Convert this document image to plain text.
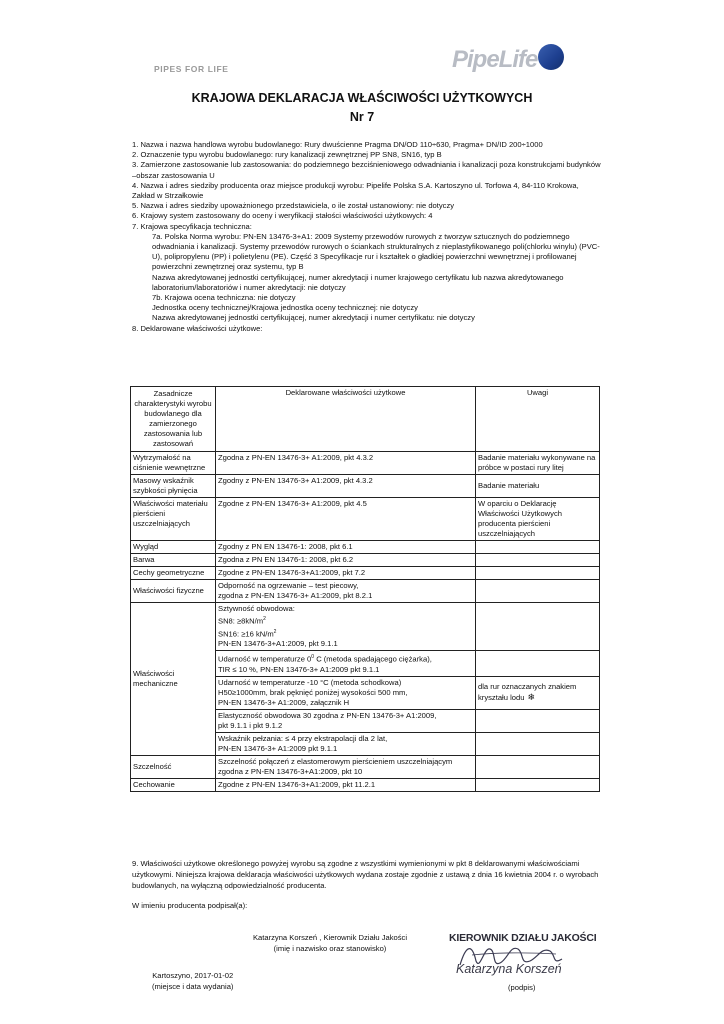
PIPES FOR LIFE	PipeLife
KRAJOWA DEKLARACJA WŁAŚCIWOŚCI UŻYTKOWYCH
Nr 7

1. Nazwa i nazwa handlowa wyrobu budowlanego: Rury dwuścienne Pragma DN/OD 110÷630, Pragma+ DN/ID 200÷1000

2. Oznaczenie typu wyrobu budowlanego: rury kanalizacji zewnętrznej PP SN8, SN16, typ B

3. Zamierzone zastosowanie lub zastosowania: do podziemnego bezciśnieniowego odwadniania i kanalizacji poza konstrukcjami budynków –obszar zastosowania U

4. Nazwa i adres siedziby producenta oraz miejsce produkcji wyrobu: Pipelife Polska S.A. Kartoszyno ul. Torfowa 4, 84-110 Krokowa, Zakład w Strzałkowie

5. Nazwa i adres siedziby upoważnionego przedstawiciela, o ile został ustanowiony: nie dotyczy

6. Krajowy system zastosowany do oceny i weryfikacji stałości właściwości użytkowych: 4

7. Krajowa specyfikacja techniczna:

7a. Polska Norma wyrobu: PN-EN 13476-3+A1: 2009 Systemy przewodów rurowych z tworzyw sztucznych do podziemnego odwadniania i kanalizacji. Systemy przewodów rurowych o ściankach strukturalnych z nieplastyfikowanego poli(chlorku winylu) (PVC-U), polipropylenu (PP) i polietylenu (PE). Część 3 Specyfikacje rur i kształtek o gładkiej powierzchni wewnętrznej i profilowanej powierzchni zewnętrznej oraz systemu, typ B

Nazwa akredytowanej jednostki certyfikującej, numer akredytacji i numer krajowego certyfikatu lub nazwa akredytowanego laboratorium/laboratoriów i numer akredytacji: nie dotyczy

7b. Krajowa ocena techniczna: nie dotyczy

Jednostka oceny technicznej/Krajowa jednostka oceny technicznej: nie dotyczy

Nazwa akredytowanej jednostki certyfikującej, numer akredytacji i numer certyfikatu: nie dotyczy

8. Deklarowane właściwości użytkowe:

Zasadnicze charakterystyki wyrobu budowlanego dla zamierzonego zastosowania lub zastosowań	Deklarowane właściwości użytkowe	Uwagi
Wytrzymałość na ciśnienie wewnętrzne	Zgodna z PN-EN 13476-3+ A1:2009, pkt 4.3.2	Badanie materiału wykonywane na próbce w postaci rury litej
Masowy wskaźnik szybkości płynięcia	Zgodny z PN-EN 13476-3+ A1:2009, pkt 4.3.2	Badanie materiału
Właściwości materiału pierścieni uszczelniających	Zgodne z PN-EN 13476-3+ A1:2009, pkt 4.5	W oparciu o Deklarację Właściwości Użytkowych producenta pierścieni uszczelniających
Wygląd	Zgodny z PN EN 13476-1: 2008, pkt 6.1	
Barwa	Zgodna z PN EN 13476-1: 2008, pkt 6.2	
Cechy geometryczne	Zgodne z PN-EN 13476-3+A1:2009, pkt 7.2	
Właściwości fizyczne	Odporność na ogrzewanie – test piecowy,
zgodna z PN-EN 13476-3+ A1:2009, pkt 8.2.1	

Właściwości mechaniczne	Sztywność obwodowa:
SN8: $\ge 8kN/m^2$
SN16: ≥16 $kN/m^2$
PN-EN 13476-3+A1:2009, pkt 9.1.1	

	Udarność w temperaturze $0^0$ C (metoda spadającego ciężarka),
TIR ≤ 10 %, PN-EN 13476-3+ A1:2009 pkt 9.1.1	

	Udarność w temperaturze -10 °C (metoda schodkowa)
H50≥1000mm, brak pęknięć poniżej wysokości 500 mm,
PN-EN 13476-3+ A1:2009, załącznik H	dla rur oznaczanych znakiem kryształu lodu ❄

	Elastyczność obwodowa 30 zgodna z PN-EN 13476-3+ A1:2009,
pkt 9.1.1 i pkt 9.1.2	

	Wskaźnik pełzania: ≤ 4 przy ekstrapolacji dla 2 lat,
PN-EN 13476-3+ A1:2009 pkt 9.1.1	

Szczelność	Szczelność połączeń z elastomerowym pierścieniem uszczelniającym
zgodna z PN-EN 13476-3+A1:2009, pkt 10	

Cechowanie	Zgodne z PN-EN 13476-3+A1:2009, pkt 11.2.1	

9. Właściwości użytkowe określonego powyżej wyrobu są zgodne z wszystkimi wymienionymi w pkt 8 deklarowanymi właściwościami użytkowymi. Niniejsza krajowa deklaracja właściwości użytkowych wydana zostaje zgodnie z ustawą z dnia 16 kwietnia 2004 r. o wyrobach budowlanych, na wyłączną odpowiedzialność producenta.

W imieniu producenta podpisał(a):

Katarzyna Korszeń , Kierownik Działu Jakości
(imię i nazwisko oraz stanowisko)
KIEROWNIK DZIAŁU JAKOŚCI
Katarzyna Korszeń
Kartoszyno, 2017-01-02
(miejsce i data wydania)	(podpis)
